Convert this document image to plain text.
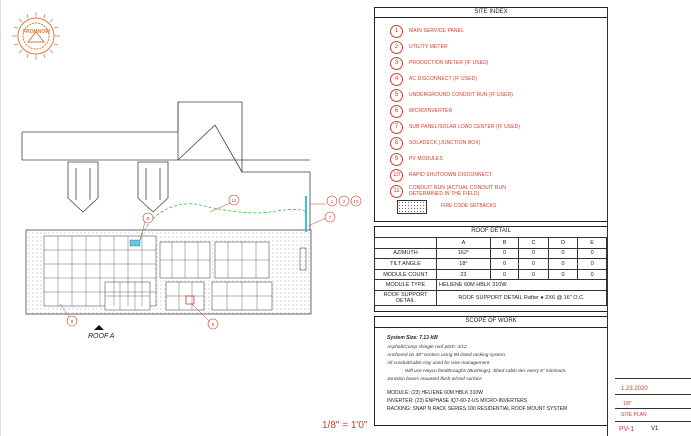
FROMNOW
8
11	1 2 10
7
9
6
ROOF A
1/8" = 1'0"
SITE INDEX
1	MAIN SERVICE PANEL
2	UTILITY METER
3	PRODUCTION METER (IF USED)
4	AC DISCONNECT (IF USED)
5	UNDERGROUND CONDUIT RUN (IF USED)
6	MICROINVERTER
7	SUB PANEL/SOLAR LOAD CENTER (IF USED)
8	SOLADECK (JUNCTION BOX)
9	PV MODULES
10	RAPID SHUTDOWN DISCONNECT
11	CONDUIT RUN (ACTUAL CONDUIT RUN DETERMINED IN THE FIELD)
FIRE CODE SETBACKS
ROOF DETAIL
	A	B	C	D	E
AZIMUTH	162°	0	0	0	0
TILT ANGLE	18°	0	0	0	0
MODULE COUNT	23	0	0	0	0
MODULE TYPE	HELIENE 60M HBLK 310W				
ROOF SUPPORT DETAIL	ROOF SUPPORT DETAIL Rafter ● 2X6 @ 16" O.C.				
SCOPE OF WORK
System Size: 7.13 kW
Asphalt/Comp shingle roof pitch: 4/12
Anchored on 48" centers using IM listed racking system.
All conduit/cable tray used for wire management
Will use Hayco feedthroughs (Bushings), Shed cable ties every 6" minimum.
Junction boxes mounted flush w/roof surface
MODULE: (23) HELIENE 60M HBLK 310W
INVERTER: (23) ENPHASE IQ7-60-2-US MICRO-INVERTERS
RACKING: SNAP N RACK SERIES 100 RESIDENTIAL ROOF MOUNT SYSTEM
1.23.2020
1/8"
SITE PLAN
PV-1	V1
